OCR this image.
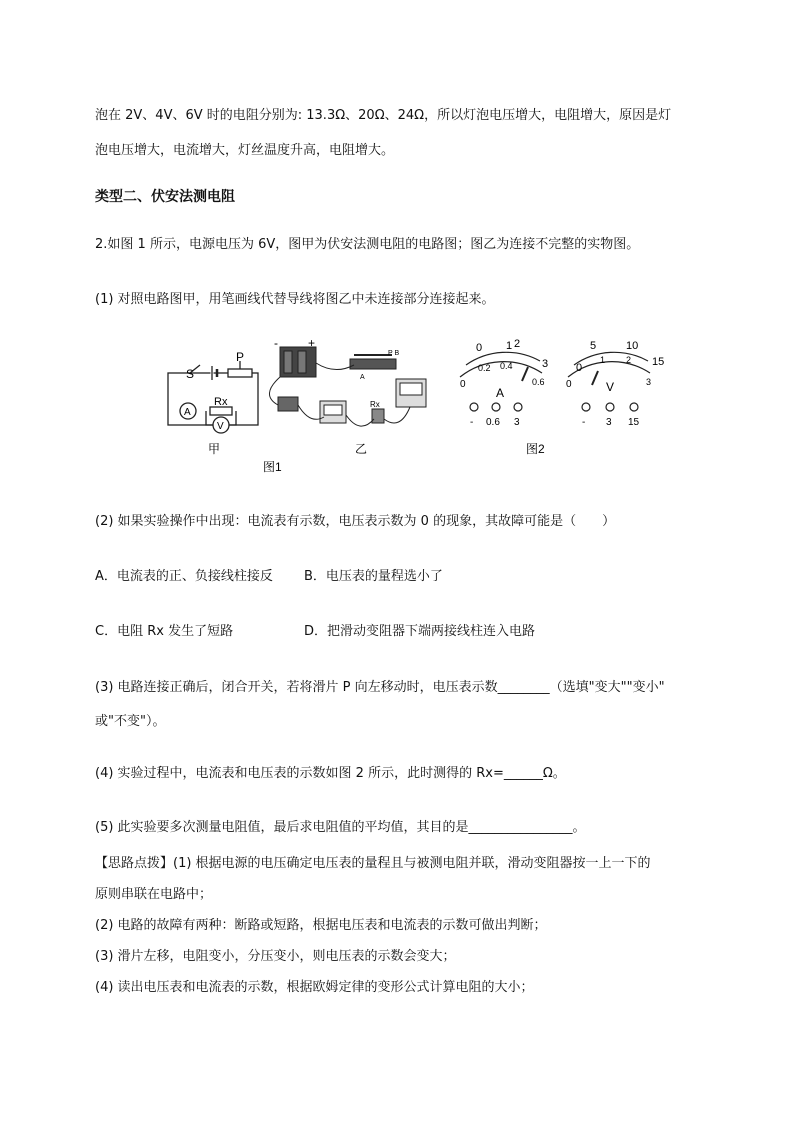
泡在 2V、4V、6V 时的电阻分别为: 13.3Ω、20Ω、24Ω，所以灯泡电压增大，电阻增大，原因是灯
泡电压增大，电流增大，灯丝温度升高，电阻增大。
类型二、伏安法测电阻
2.如图 1 所示，电源电压为 6V，图甲为伏安法测电阻的电路图；图乙为连接不完整的实物图。
(1) 对照电路图甲，用笔画线代替导线将图乙中未连接部分连接起来。
S
P
Rx
A
V
甲
-	+
P B
A
Rx
乙
图1
0 1 2
3
0
0.2 0.4
0.6
A
- 0.6 3
0
5	10
15
0
1 2
3
V
- 3 15
图2
(2) 如果实验操作中出现：电流表有示数，电压表示数为 0 的现象，其故障可能是（　　）
A．电流表的正、负接线柱接反 B．电压表的量程选小了
C．电阻 Rx 发生了短路	D．把滑动变阻器下端两接线柱连入电路
(3) 电路连接正确后，闭合开关，若将滑片 P 向左移动时，电压表示数________（选填"变大""变小"
或"不变"）。
(4) 实验过程中，电流表和电压表的示数如图 2 所示，此时测得的 Rx=______Ω。
(5) 此实验要多次测量电阻值，最后求电阻值的平均值，其目的是________________。
【思路点拨】(1) 根据电源的电压确定电压表的量程且与被测电阻并联，滑动变阻器按一上一下的
原则串联在电路中；
(2) 电路的故障有两种：断路或短路，根据电压表和电流表的示数可做出判断；
(3) 滑片左移，电阻变小，分压变小，则电压表的示数会变大；
(4) 读出电压表和电流表的示数，根据欧姆定律的变形公式计算电阻的大小；
